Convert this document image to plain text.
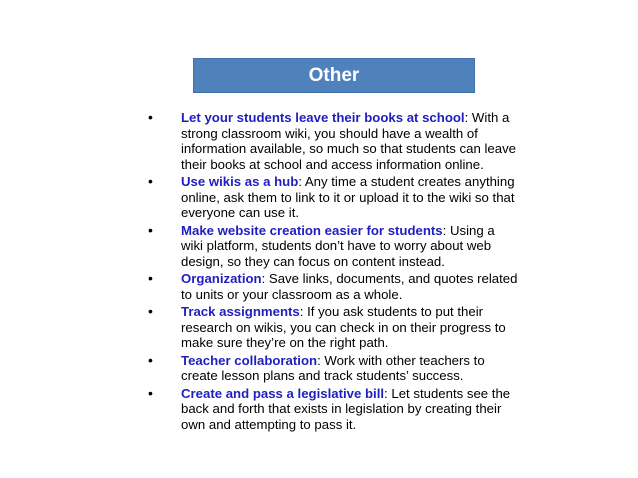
Other
• Let your students leave their books at school: With a strong classroom wiki, you should have a wealth of information available, so much so that students can leave their books at school and access information online.
• Use wikis as a hub: Any time a student creates anything online, ask them to link to it or upload it to the wiki so that everyone can use it.
• Make website creation easier for students: Using a wiki platform, students don’t have to worry about web design, so they can focus on content instead.
• Organization: Save links, documents, and quotes related to units or your classroom as a whole.
• Track assignments: If you ask students to put their research on wikis, you can check in on their progress to make sure they’re on the right path.
• Teacher collaboration: Work with other teachers to create lesson plans and track students’ success.
• Create and pass a legislative bill: Let students see the back and forth that exists in legislation by creating their own and attempting to pass it.
